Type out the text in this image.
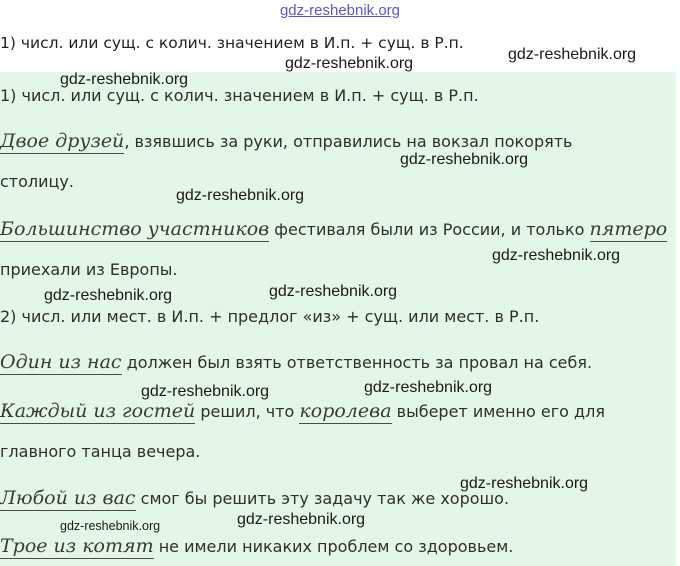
gdz-reshebnik.org
1) числ. или сущ. с колич. значением в И.п. + сущ. в Р.п.
1) числ. или сущ. с колич. значением в И.п. + сущ. в Р.п.
Двое друзей, взявшись за руки, отправились на вокзал покорять
столицу.
Большинство участников фестиваля были из России, и только пятеро
приехали из Европы.
2) числ. или мест. в И.п. + предлог «из» + сущ. или мест. в Р.п.
Один из нас должен был взять ответственность за провал на себя.
Каждый из гостей решил, что королева выберет именно его для
главного танца вечера.
Любой из вас смог бы решить эту задачу так же хорошо.
Трое из котят не имели никаких проблем со здоровьем.
gdz-reshebnik.org
gdz-reshebnik.org
gdz-reshebnik.org
gdz-reshebnik.org
gdz-reshebnik.org
gdz-reshebnik.org
gdz-reshebnik.org
gdz-reshebnik.org
gdz-reshebnik.org
gdz-reshebnik.org
gdz-reshebnik.org
gdz-reshebnik.org
gdz-reshebnik.org
